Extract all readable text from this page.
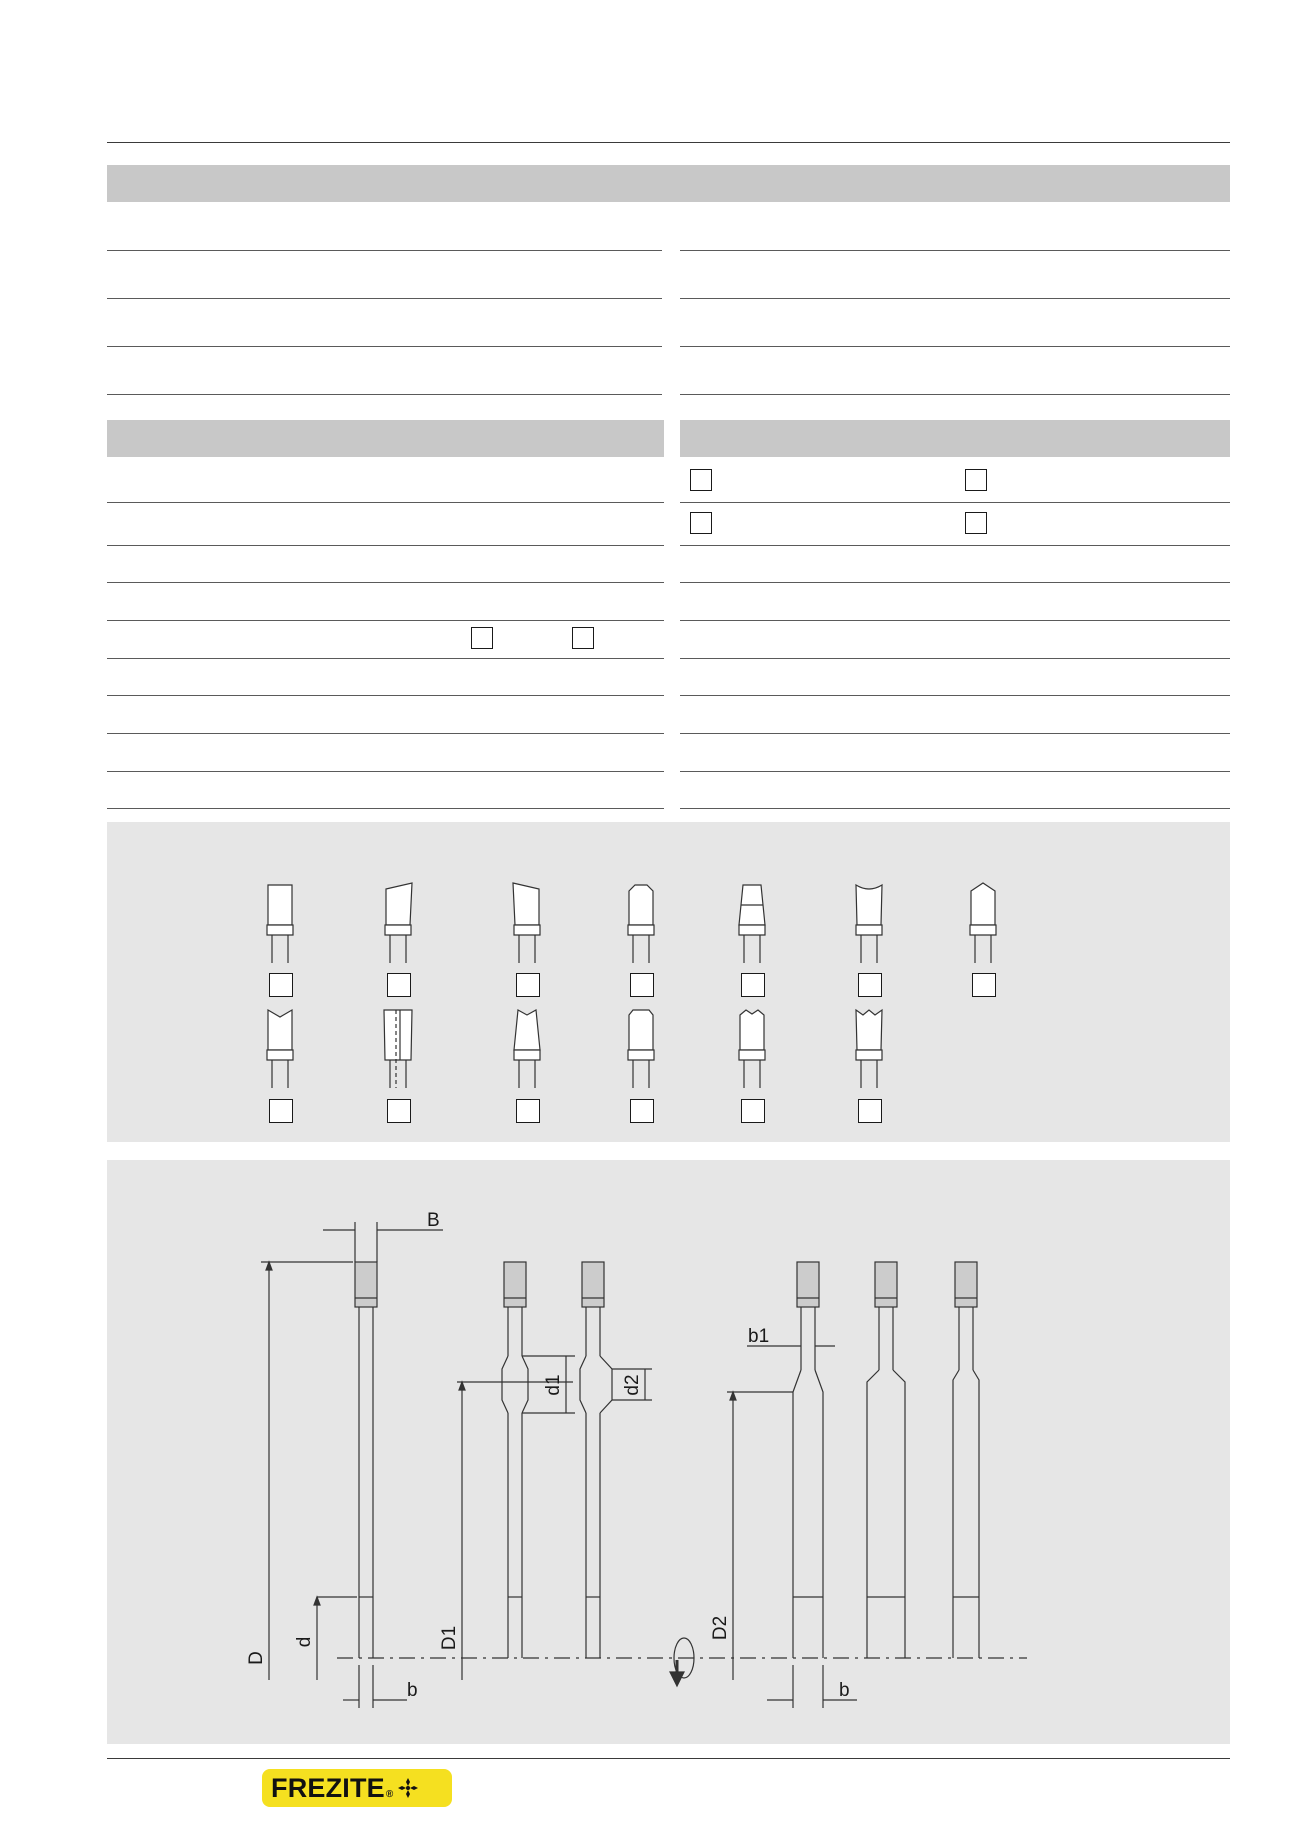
B
D
d
b
D1
d1	d2
D2
b1
b
FREZITE ®
